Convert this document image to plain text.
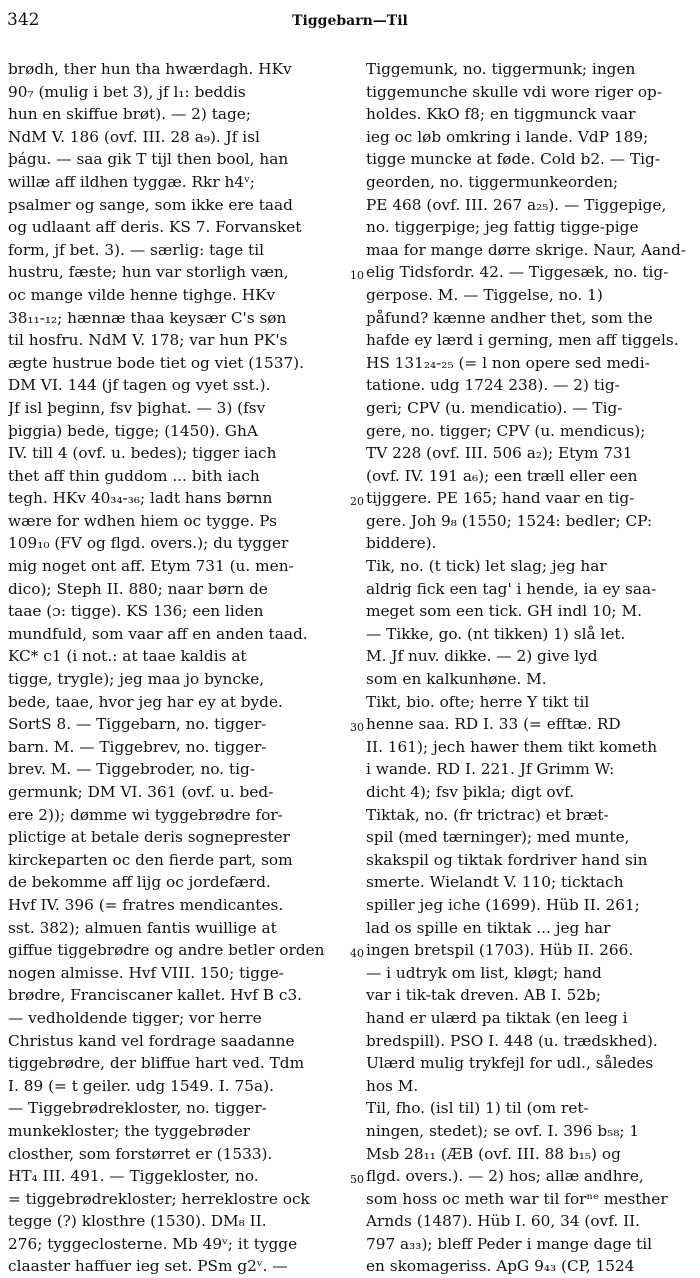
342	Tiggebarn—Til
brødh, ther hun tha hwærdagh. HKv
90₇ (mulig i bet 3), jf l₁: beddis
hun en skiffue brøt). — 2) tage;
NdM V. 186 (ovf. III. 28 a₉). Jf isl
þágu. — saa gik T tijl then bool, han
willæ aff ildhen tyggæ. Rkr h4ᵛ;
psalmer og sange, som ikke ere taad
og udlaant aff deris. KS 7. Forvansket
form, jf bet. 3). — særlig: tage til
hustru, fæste; hun var storligh væn,
oc mange vilde henne tighge. HKv
38₁₁-₁₂; hænnæ thaa keysær C's søn
til hosfru. NdM V. 178; var hun PK's
ægte hustrue bode tiet og viet (1537).
DM VI. 144 (jf tagen og vyet sst.).
Jf isl þeginn, fsv þighat. — 3) (fsv
þiggia) bede, tigge; (1450). GhA
IV. till 4 (ovf. u. bedes); tigger iach
thet aff thin guddom ... bith iach
tegh. HKv 40₃₄-₃₆; ladt hans børnn
wære for wdhen hiem oc tygge. Ps
109₁₀ (FV og flgd. overs.); du tygger
mig noget ont aff. Etym 731 (u. men-
dico); Steph II. 880; naar børn de
taae (ɔ: tigge). KS 136; een liden
mundfuld, som vaar aff en anden taad.
KC* c1 (i not.: at taae kaldis at
tigge, trygle); jeg maa jo byncke,
bede, taae, hvor jeg har ey at byde.
SortS 8. — Tiggebarn, no. tigger-
barn. M. — Tiggebrev, no. tigger-
brev. M. — Tiggebroder, no. tig-
germunk; DM VI. 361 (ovf. u. bed-
ere 2)); dømme wi tyggebrødre for-
plictige at betale deris sogneprester
kirckeparten oc den fierde part, som
de bekomme aff lijg oc jordefærd.
Hvf IV. 396 (= fratres mendicantes.
sst. 382); almuen fantis wuillige at
giffue tiggebrødre og andre betler orden
nogen almisse. Hvf VIII. 150; tigge-
brødre, Franciscaner kallet. Hvf B c3.
— vedholdende tigger; vor herre
Christus kand vel fordrage saadanne
tiggebrødre, der bliffue hart ved. Tdm
I. 89 (= t geiler. udg 1549. I. 75a).
— Tiggebrødrekloster, no. tigger-
munkekloster; the tyggebrøder
closther, som forstørret er (1533).
HT₄ III. 491. — Tiggekloster, no.
= tiggebrødrekloster; herreklostre ock
tegge (?) klosthre (1530). DM₈ II.
276; tyggeclosterne. Mb 49ᵛ; it tygge
claaster haffuer ieg set. PSm g2ᵛ. —
10
20
30
40
50
Tiggemunk, no. tiggermunk; ingen
tiggemunche skulle vdi wore riger op-
holdes. KkO f8; en tiggmunck vaar
ieg oc løb omkring i lande. VdP 189;
tigge muncke at føde. Cold b2. — Tig-
georden, no. tiggermunkeorden;
PE 468 (ovf. III. 267 a₂₅). — Tiggepige,
no. tiggerpige; jeg fattig tigge-pige
maa for mange dørre skrige. Naur, Aand-
elig Tidsfordr. 42. — Tiggesæk, no. tig-
gerpose. M. — Tiggelse, no. 1)
påfund? kænne andher thet, som the
hafde ey lærd i gerning, men aff tiggels.
HS 131₂₄-₂₅ (= l non opere sed medi-
tatione. udg 1724 238). — 2) tig-
geri; CPV (u. mendicatio). — Tig-
gere, no. tigger; CPV (u. mendicus);
TV 228 (ovf. III. 506 a₂); Etym 731
(ovf. IV. 191 a₆); een træll eller een
tijggere. PE 165; hand vaar en tig-
gere. Joh 9₈ (1550; 1524: bedler; CP:
biddere).
Tik, no. (t tick) let slag; jeg har
aldrig fick een tag' i hende, ia ey saa-
meget som een tick. GH indl 10; M.
— Tikke, go. (nt tikken) 1) slå let.
M. Jf nuv. dikke. — 2) give lyd
som en kalkunhøne. M.
Tikt, bio. ofte; herre Y tikt til
henne saa. RD I. 33 (= efftæ. RD
II. 161); jech hawer them tikt kometh
i wande. RD I. 221. Jf Grimm W:
dicht 4); fsv þikla; digt ovf.
Tiktak, no. (fr trictrac) et bræt-
spil (med tærninger); med munte,
skakspil og tiktak fordriver hand sin
smerte. Wielandt V. 110; ticktach
spiller jeg iche (1699). Hüb II. 261;
lad os spille en tiktak ... jeg har
ingen bretspil (1703). Hüb II. 266.
— i udtryk om list, kløgt; hand
var i tik-tak dreven. AB I. 52b;
hand er ulærd pa tiktak (en leeg i
bredspill). PSO I. 448 (u. trædskhed).
Ulærd mulig trykfejl for udl., således
hos M.
Til, fho. (isl til) 1) til (om ret-
ningen, stedet); se ovf. I. 396 b₅₈; 1
Msb 28₁₁ (ÆB (ovf. III. 88 b₁₅) og
flgd. overs.). — 2) hos; allæ andhre,
som hoss oc meth war til forⁿᵉ mesther
Arnds (1487). Hüb I. 60, 34 (ovf. II.
797 a₃₃); bleff Peder i mange dage til
en skomageriss. ApG 9₄₃ (CP, 1524
